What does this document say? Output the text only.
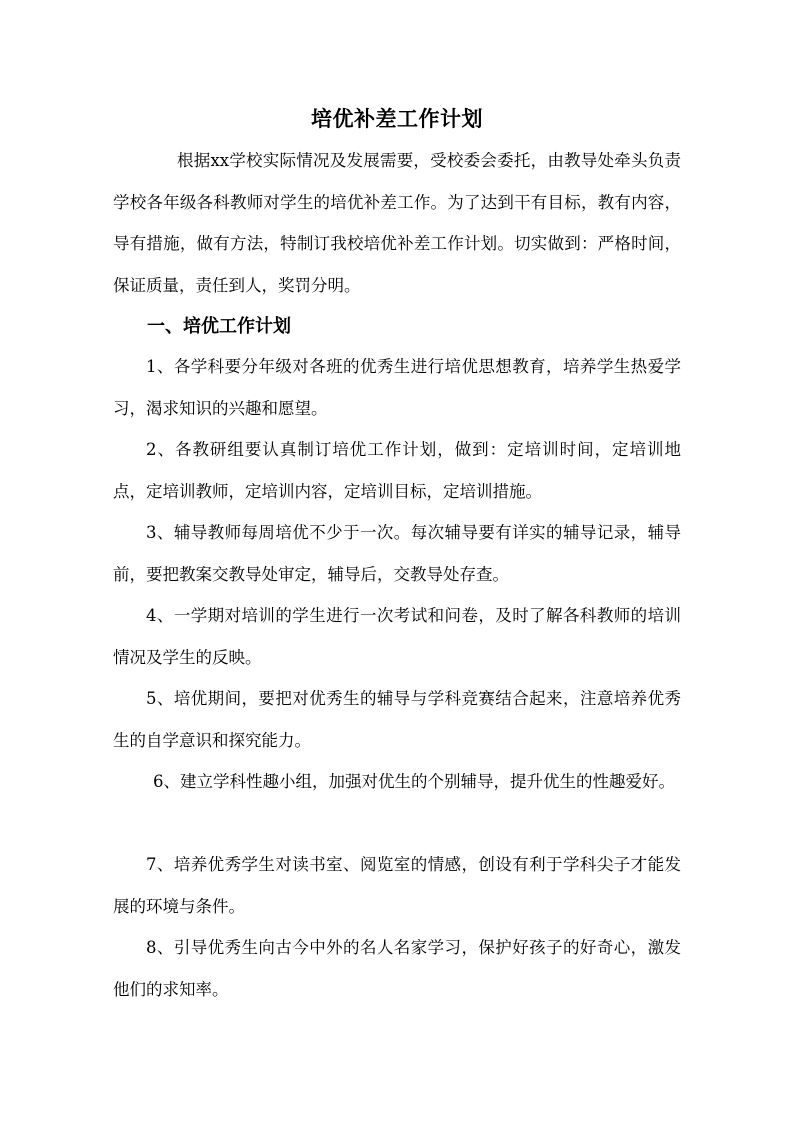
培优补差工作计划

根据xx学校实际情况及发展需要，受校委会委托，由教导处牵头负责学校各年级各科教师对学生的培优补差工作。为了达到干有目标，教有内容，导有措施，做有方法，特制订我校培优补差工作计划。切实做到：严格时间，保证质量，责任到人，奖罚分明。

一、培优工作计划

1、各学科要分年级对各班的优秀生进行培优思想教育，培养学生热爱学习，渴求知识的兴趣和愿望。

2、各教研组要认真制订培优工作计划，做到：定培训时间，定培训地点，定培训教师，定培训内容，定培训目标，定培训措施。

3、辅导教师每周培优不少于一次。每次辅导要有详实的辅导记录，辅导前，要把教案交教导处审定，辅导后，交教导处存查。

4、一学期对培训的学生进行一次考试和问卷，及时了解各科教师的培训情况及学生的反映。

5、培优期间，要把对优秀生的辅导与学科竞赛结合起来，注意培养优秀生的自学意识和探究能力。

6、建立学科性趣小组，加强对优生的个别辅导，提升优生的性趣爱好。

7、培养优秀学生对读书室、阅览室的情感，创设有利于学科尖子才能发展的环境与条件。

8、引导优秀生向古今中外的名人名家学习，保护好孩子的好奇心，激发他们的求知率。
